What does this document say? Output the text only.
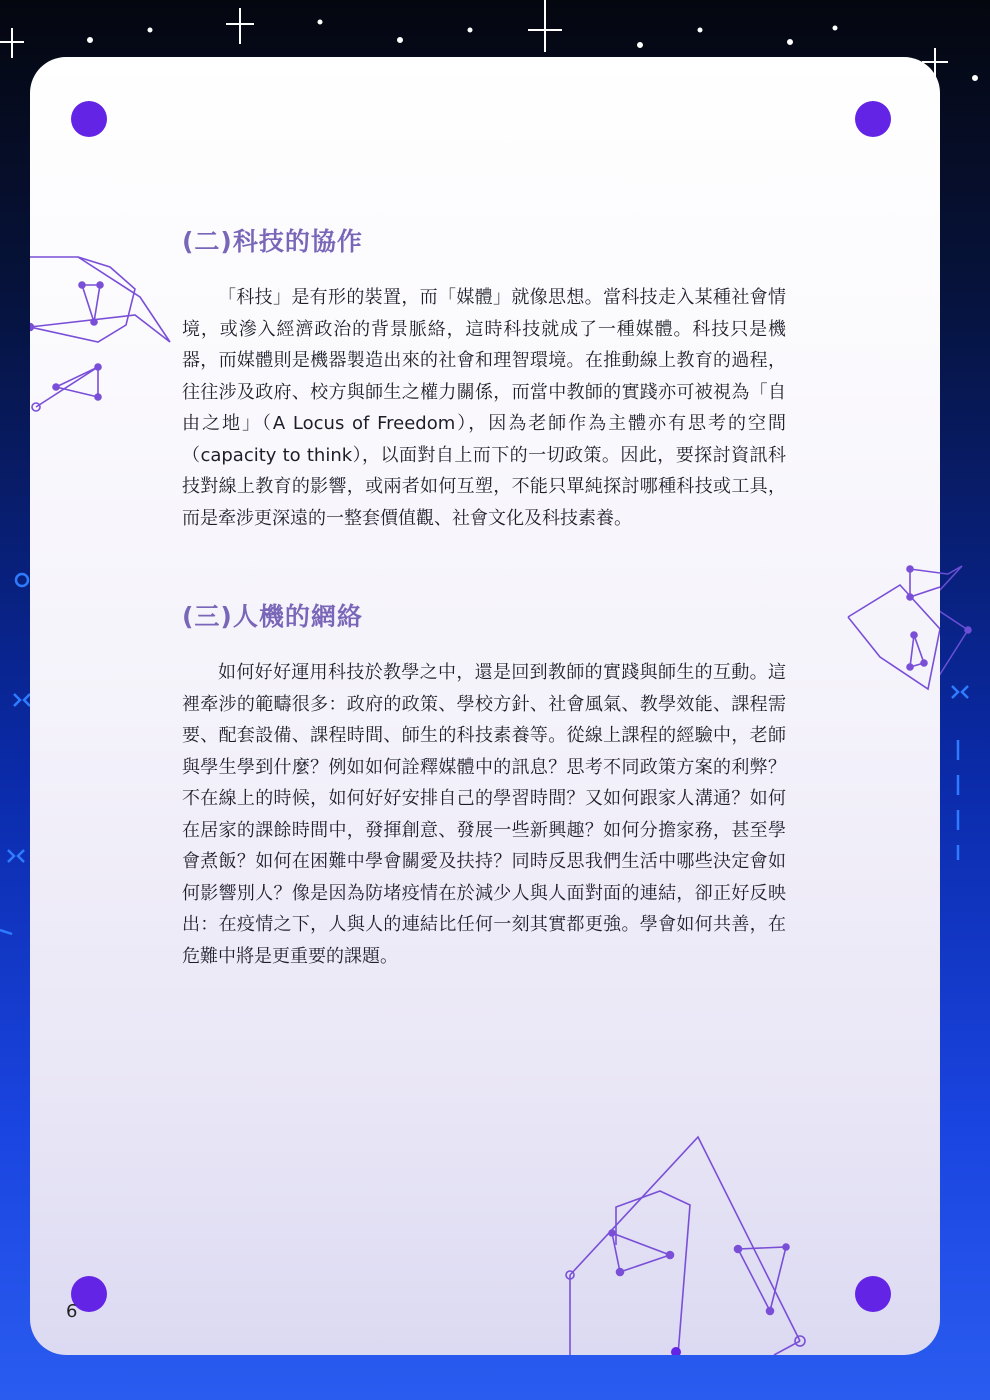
(二)科技的協作

「科技」是有形的裝置，而「媒體」就像思想。當科技走入某種社會情境，或滲入經濟政治的背景脈絡，這時科技就成了一種媒體。科技只是機器，而媒體則是機器製造出來的社會和理智環境。在推動線上教育的過程，往往涉及政府、校方與師生之權力關係，而當中教師的實踐亦可被視為「自由之地」（A Locus of Freedom），因為老師作為主體亦有思考的空間（capacity to think），以面對自上而下的一切政策。因此，要探討資訊科技對線上教育的影響，或兩者如何互塑，不能只單純探討哪種科技或工具，而是牽涉更深遠的一整套價值觀、社會文化及科技素養。

(三)人機的網絡

如何好好運用科技於教學之中，還是回到教師的實踐與師生的互動。這裡牽涉的範疇很多：政府的政策、學校方針、社會風氣、教學效能、課程需要、配套設備、課程時間、師生的科技素養等。從線上課程的經驗中，老師與學生學到什麼？例如如何詮釋媒體中的訊息？思考不同政策方案的利弊？不在線上的時候，如何好好安排自己的學習時間？又如何跟家人溝通？如何在居家的課餘時間中，發揮創意、發展一些新興趣？如何分擔家務，甚至學會煮飯？如何在困難中學會關愛及扶持？同時反思我們生活中哪些決定會如何影響別人？像是因為防堵疫情在於減少人與人面對面的連結，卻正好反映出：在疫情之下，人與人的連結比任何一刻其實都更強。學會如何共善，在危難中將是更重要的課題。

6
